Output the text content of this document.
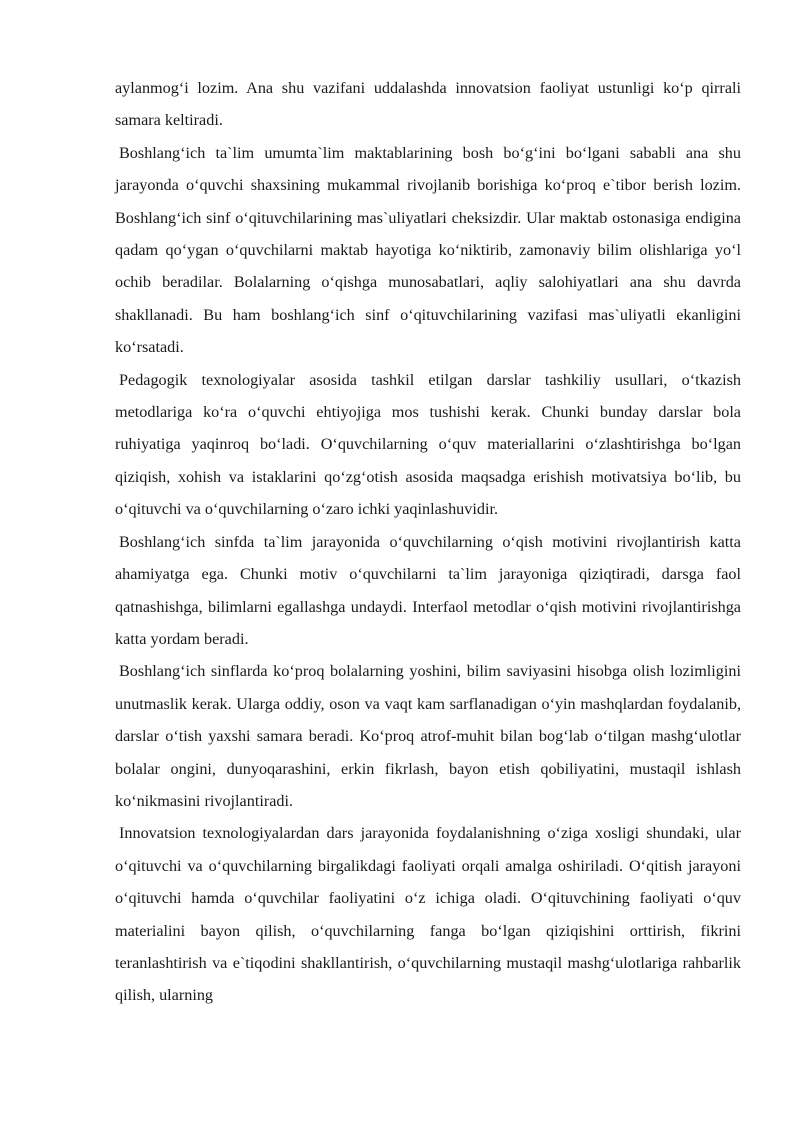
aylanmog‘i lozim. Ana shu vazifani uddalashda innovatsion faoliyat ustunligi ko‘p qirrali samara keltiradi.

Boshlang‘ich ta`lim umumta`lim maktablarining bosh bo‘g‘ini bo‘lgani sababli ana shu jarayonda o‘quvchi shaxsining mukammal rivojlanib borishiga ko‘proq e`tibor berish lozim. Boshlang‘ich sinf o‘qituvchilarining mas`uliyatlari cheksizdir. Ular maktab ostonasiga endigina qadam qo‘ygan o‘quvchilarni maktab hayotiga ko‘niktirib, zamonaviy bilim olishlariga yo‘l ochib beradilar. Bolalarning o‘qishga munosabatlari, aqliy salohiyatlari ana shu davrda shakllanadi. Bu ham boshlang‘ich sinf o‘qituvchilarining vazifasi mas`uliyatli ekanligini ko‘rsatadi.

Pedagogik texnologiyalar asosida tashkil etilgan darslar tashkiliy usullari, o‘tkazish metodlariga ko‘ra o‘quvchi ehtiyojiga mos tushishi kerak. Chunki bunday darslar bola ruhiyatiga yaqinroq bo‘ladi. O‘quvchilarning o‘quv materiallarini o‘zlashtirishga bo‘lgan qiziqish, xohish va istaklarini qo‘zg‘otish asosida maqsadga erishish motivatsiya bo‘lib, bu o‘qituvchi va o‘quvchilarning o‘zaro ichki yaqinlashuvidir.

Boshlang‘ich sinfda ta`lim jarayonida o‘quvchilarning o‘qish motivini rivojlantirish katta ahamiyatga ega. Chunki motiv o‘quvchilarni ta`lim jarayoniga qiziqtiradi, darsga faol qatnashishga, bilimlarni egallashga undaydi. Interfaol metodlar o‘qish motivini rivojlantirishga katta yordam beradi.

Boshlang‘ich sinflarda ko‘proq bolalarning yoshini, bilim saviyasini hisobga olish lozimligini unutmaslik kerak. Ularga oddiy, oson va vaqt kam sarflanadigan o‘yin mashqlardan foydalanib, darslar o‘tish yaxshi samara beradi. Ko‘proq atrof-muhit bilan bog‘lab o‘tilgan mashg‘ulotlar bolalar ongini, dunyoqarashini, erkin fikrlash, bayon etish qobiliyatini, mustaqil ishlash ko‘nikmasini rivojlantiradi.

Innovatsion texnologiyalardan dars jarayonida foydalanishning o‘ziga xosligi shundaki, ular o‘qituvchi va o‘quvchilarning birgalikdagi faoliyati orqali amalga oshiriladi. O‘qitish jarayoni o‘qituvchi hamda o‘quvchilar faoliyatini o‘z ichiga oladi. O‘qituvchining faoliyati o‘quv materialini bayon qilish, o‘quvchilarning fanga bo‘lgan qiziqishini orttirish, fikrini teranlashtirish va e`tiqodini shakllantirish, o‘quvchilarning mustaqil mashg‘ulotlariga rahbarlik qilish, ularning
